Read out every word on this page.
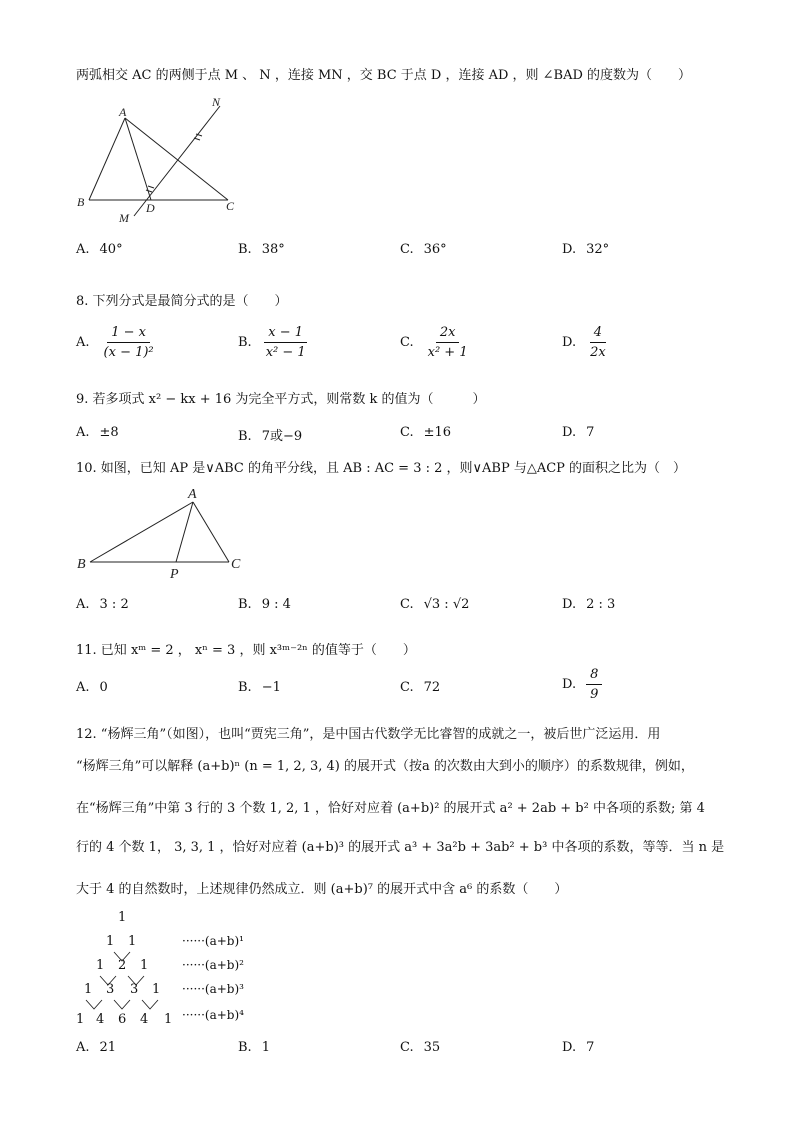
两弧相交 AC 的两侧于点 M 、 N ，连接 MN ，交 BC 于点 D ，连接 AD ，则 ∠BAD 的度数为（　　）
A
B	C
D
M
N
A. 40°	B. 38°	C. 36°	D. 32°
8. 下列分式是最简分式的是（　　）
A. $\frac{1 - x}{\text{(x − 1)²}}$	B. $\frac{x - 1}{\text{x² − 1}}$	C. $\frac{2x}{\text{x² + 1}}$	D. $\frac{4}{2x}$
9. 若多项式 x² − kx + 16 为完全平方式，则常数 k 的值为（　　　）
A. ±8	B. 7或−9	C. ±16	D. 7
10. 如图，已知 AP 是∨ABC 的角平分线，且 AB : AC = 3 : 2 ，则∨ABP 与△ACP 的面积之比为（　）
A
B	C
P
A. 3 : 2	B. 9 : 4	C. √3 : √2	D. 2 : 3
11. 已知 xᵐ = 2 ， xⁿ = 3 ，则 x³ᵐ⁻²ⁿ 的值等于（　　）
A. 0	B. −1	C. 72	D. $\frac{8}{9}$
12. “杨辉三角”（如图），也叫“贾宪三角”，是中国古代数学无比睿智的成就之一，被后世广泛运用．用
“杨辉三角”可以解释 (a+b)ⁿ (n = 1, 2, 3, 4) 的展开式（按a 的次数由大到小的顺序）的系数规律，例如，
在“杨辉三角”中第 3 行的 3 个数 1, 2, 1 ，恰好对应着 (a+b)² 的展开式 a² + 2ab + b² 中各项的系数; 第 4
行的 4 个数 1， 3, 3, 1 ，恰好对应着 (a+b)³ 的展开式 a³ + 3a²b + 3ab² + b³ 中各项的系数，等等．当 n 是
大于 4 的自然数时，上述规律仍然成立．则 (a+b)⁷ 的展开式中含 a⁶ 的系数（　　）
1
1 1
1 2 1
1 3 3 1
1 4 6 4 1
······(a+b)¹
······(a+b)²
······(a+b)³
······(a+b)⁴
A. 21	B. 1	C. 35	D. 7
